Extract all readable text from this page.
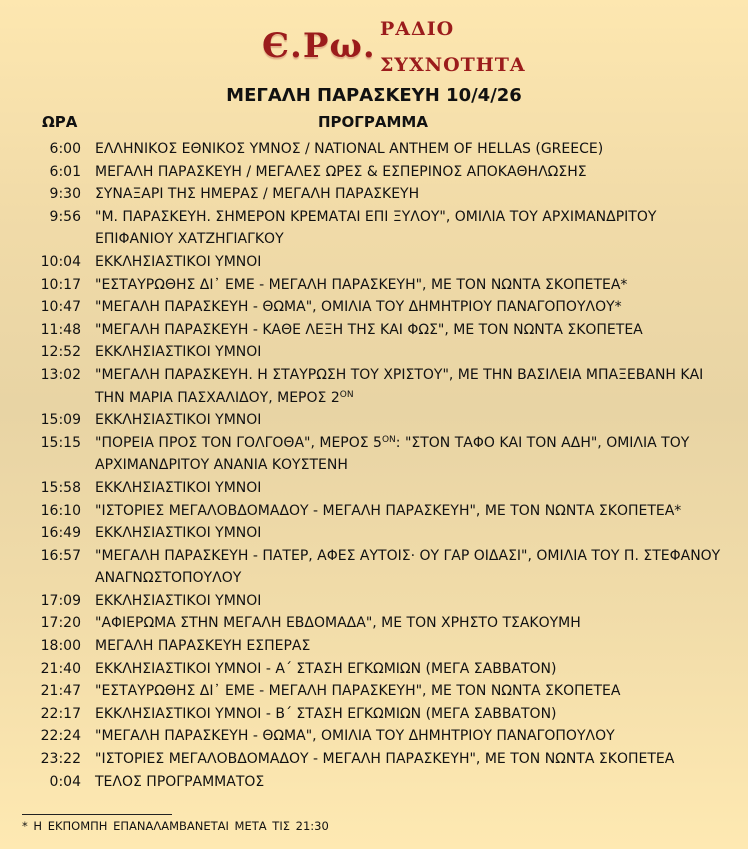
Є.Ρω. ΡΑΔΙΟ
ΣΥΧΝΟΤΗΤΑ
ΜΕΓΑΛΗ ΠΑΡΑΣΚΕΥΗ 10/4/26
ΩΡΑ	ΠΡΟΓΡΑΜΜΑ
6:00 ΕΛΛΗΝΙΚΟΣ ΕΘΝΙΚΟΣ ΥΜΝΟΣ / NATIONAL ANTHEM OF HELLAS (GREECE)
6:01 ΜΕΓΑΛΗ ΠΑΡΑΣΚΕΥΗ / ΜΕΓΑΛΕΣ ΩΡΕΣ & ΕΣΠΕΡΙΝΟΣ ΑΠΟΚΑΘΗΛΩΣΗΣ
9:30 ΣΥΝΑΞΑΡΙ ΤΗΣ ΗΜΕΡΑΣ / ΜΕΓΑΛΗ ΠΑΡΑΣΚΕΥΗ
9:56 "Μ. ΠΑΡΑΣΚΕΥΗ. ΣΗΜΕΡΟΝ ΚΡΕΜΑΤΑΙ ΕΠΙ ΞΥΛΟΥ", ΟΜΙΛΙΑ ΤΟΥ ΑΡΧΙΜΑΝΔΡΙΤΟΥ ΕΠΙΦΑΝΙΟΥ ΧΑΤΖΗΓΙΑΓΚΟΥ
10:04 ΕΚΚΛΗΣΙΑΣΤΙΚΟΙ ΥΜΝΟΙ
10:17 "ΕΣΤΑΥΡΩΘΗΣ ΔΙ᾽ ΕΜΕ - ΜΕΓΑΛΗ ΠΑΡΑΣΚΕΥΗ", ΜΕ ΤΟΝ ΝΩΝΤΑ ΣΚΟΠΕΤΕΑ*
10:47 "ΜΕΓΑΛΗ ΠΑΡΑΣΚΕΥΗ - ΘΩΜΑ", ΟΜΙΛΙΑ ΤΟΥ ΔΗΜΗΤΡΙΟΥ ΠΑΝΑΓΟΠΟΥΛΟΥ*
11:48 "ΜΕΓΑΛΗ ΠΑΡΑΣΚΕΥΗ - ΚΑΘΕ ΛΕΞΗ ΤΗΣ ΚΑΙ ΦΩΣ", ΜΕ ΤΟΝ ΝΩΝΤΑ ΣΚΟΠΕΤΕΑ
12:52 ΕΚΚΛΗΣΙΑΣΤΙΚΟΙ ΥΜΝΟΙ
13:02 "ΜΕΓΑΛΗ ΠΑΡΑΣΚΕΥΗ. Η ΣΤΑΥΡΩΣΗ ΤΟΥ ΧΡΙΣΤΟΥ", ΜΕ ΤΗΝ ΒΑΣΙΛΕΙΑ ΜΠΑΞΕΒΑΝΗ ΚΑΙ ΤΗΝ ΜΑΡΙΑ ΠΑΣΧΑΛΙΔΟΥ, ΜΕΡΟΣ $2^{ON}$
15:09 ΕΚΚΛΗΣΙΑΣΤΙΚΟΙ ΥΜΝΟΙ
15:15 "ΠΟΡΕΙΑ ΠΡΟΣ ΤΟΝ ΓΟΛΓΟΘΑ", ΜΕΡΟΣ $5^{ON}$: "ΣΤΟΝ ΤΑΦΟ ΚΑΙ ΤΟΝ ΑΔΗ", ΟΜΙΛΙΑ ΤΟΥ ΑΡΧΙΜΑΝΔΡΙΤΟΥ ΑΝΑΝΙΑ ΚΟΥΣΤΕΝΗ
15:58 ΕΚΚΛΗΣΙΑΣΤΙΚΟΙ ΥΜΝΟΙ
16:10 "ΙΣΤΟΡΙΕΣ ΜΕΓΑΛΟΒΔΟΜΑΔΟΥ - ΜΕΓΑΛΗ ΠΑΡΑΣΚΕΥΗ", ΜΕ ΤΟΝ ΝΩΝΤΑ ΣΚΟΠΕΤΕΑ*
16:49 ΕΚΚΛΗΣΙΑΣΤΙΚΟΙ ΥΜΝΟΙ
16:57 "ΜΕΓΑΛΗ ΠΑΡΑΣΚΕΥΗ - ΠΑΤΕΡ, ΑΦΕΣ ΑΥΤΟΙΣ· ΟΥ ΓΑΡ ΟΙΔΑΣΙ", ΟΜΙΛΙΑ ΤΟΥ Π. ΣΤΕΦΑΝΟΥ ΑΝΑΓΝΩΣΤΟΠΟΥΛΟΥ
17:09 ΕΚΚΛΗΣΙΑΣΤΙΚΟΙ ΥΜΝΟΙ
17:20 "ΑΦΙΕΡΩΜΑ ΣΤΗΝ ΜΕΓΑΛΗ ΕΒΔΟΜΑΔΑ", ΜΕ ΤΟΝ ΧΡΗΣΤΟ ΤΣΑΚΟΥΜΗ
18:00 ΜΕΓΑΛΗ ΠΑΡΑΣΚΕΥΗ ΕΣΠΕΡΑΣ
21:40 ΕΚΚΛΗΣΙΑΣΤΙΚΟΙ ΥΜΝΟΙ - Α΄ ΣΤΑΣΗ ΕΓΚΩΜΙΩΝ (ΜΕΓΑ ΣΑΒΒΑΤΟΝ)
21:47 "ΕΣΤΑΥΡΩΘΗΣ ΔΙ᾽ ΕΜΕ - ΜΕΓΑΛΗ ΠΑΡΑΣΚΕΥΗ", ΜΕ ΤΟΝ ΝΩΝΤΑ ΣΚΟΠΕΤΕΑ
22:17 ΕΚΚΛΗΣΙΑΣΤΙΚΟΙ ΥΜΝΟΙ - Β΄ ΣΤΑΣΗ ΕΓΚΩΜΙΩΝ (ΜΕΓΑ ΣΑΒΒΑΤΟΝ)
22:24 "ΜΕΓΑΛΗ ΠΑΡΑΣΚΕΥΗ - ΘΩΜΑ", ΟΜΙΛΙΑ ΤΟΥ ΔΗΜΗΤΡΙΟΥ ΠΑΝΑΓΟΠΟΥΛΟΥ
23:22 "ΙΣΤΟΡΙΕΣ ΜΕΓΑΛΟΒΔΟΜΑΔΟΥ - ΜΕΓΑΛΗ ΠΑΡΑΣΚΕΥΗ", ΜΕ ΤΟΝ ΝΩΝΤΑ ΣΚΟΠΕΤΕΑ
0:04 ΤΕΛΟΣ ΠΡΟΓΡΑΜΜΑΤΟΣ
* Η ΕΚΠΟΜΠΗ ΕΠΑΝΑΛΑΜΒΑΝΕΤΑΙ ΜΕΤΑ ΤΙΣ 21:30
